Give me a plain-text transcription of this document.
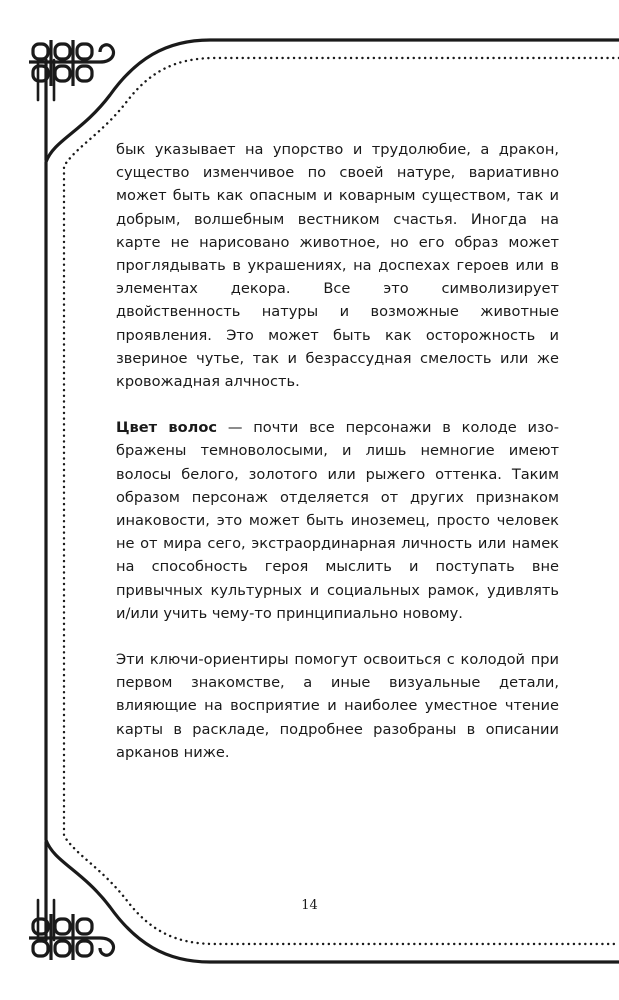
бык указывает на упорство и трудолюбие, а дракон, существо изменчивое по своей натуре, вариативно может быть как опасным и коварным существом, так и добрым, волшебным вестником счастья. Иногда на карте не нарисовано животное, но его образ может проглядывать в украшениях, на доспехах героев или в элементах декора. Все это символизирует двойственность натуры и возможные животные проявления. Это может быть как осторожность и звериное чутье, так и безрассудная смелость или же кровожадная алчность.

Цвет волос — почти все персонажи в колоде изображены темноволосыми, и лишь немногие имеют волосы белого, золотого или рыжего оттенка. Таким образом персонаж отделяется от других признаком инаковости, это может быть иноземец, просто человек не от мира сего, экстраординарная личность или намек на способность героя мыслить и поступать вне привычных культурных и социальных рамок, удивлять и/или учить чему-то принципиально новому.

Эти ключи-ориентиры помогут освоиться с колодой при первом знакомстве, а иные визуальные детали, влияющие на восприятие и наиболее уместное чтение карты в раскладе, подробнее разобраны в описании арканов ниже.

14
